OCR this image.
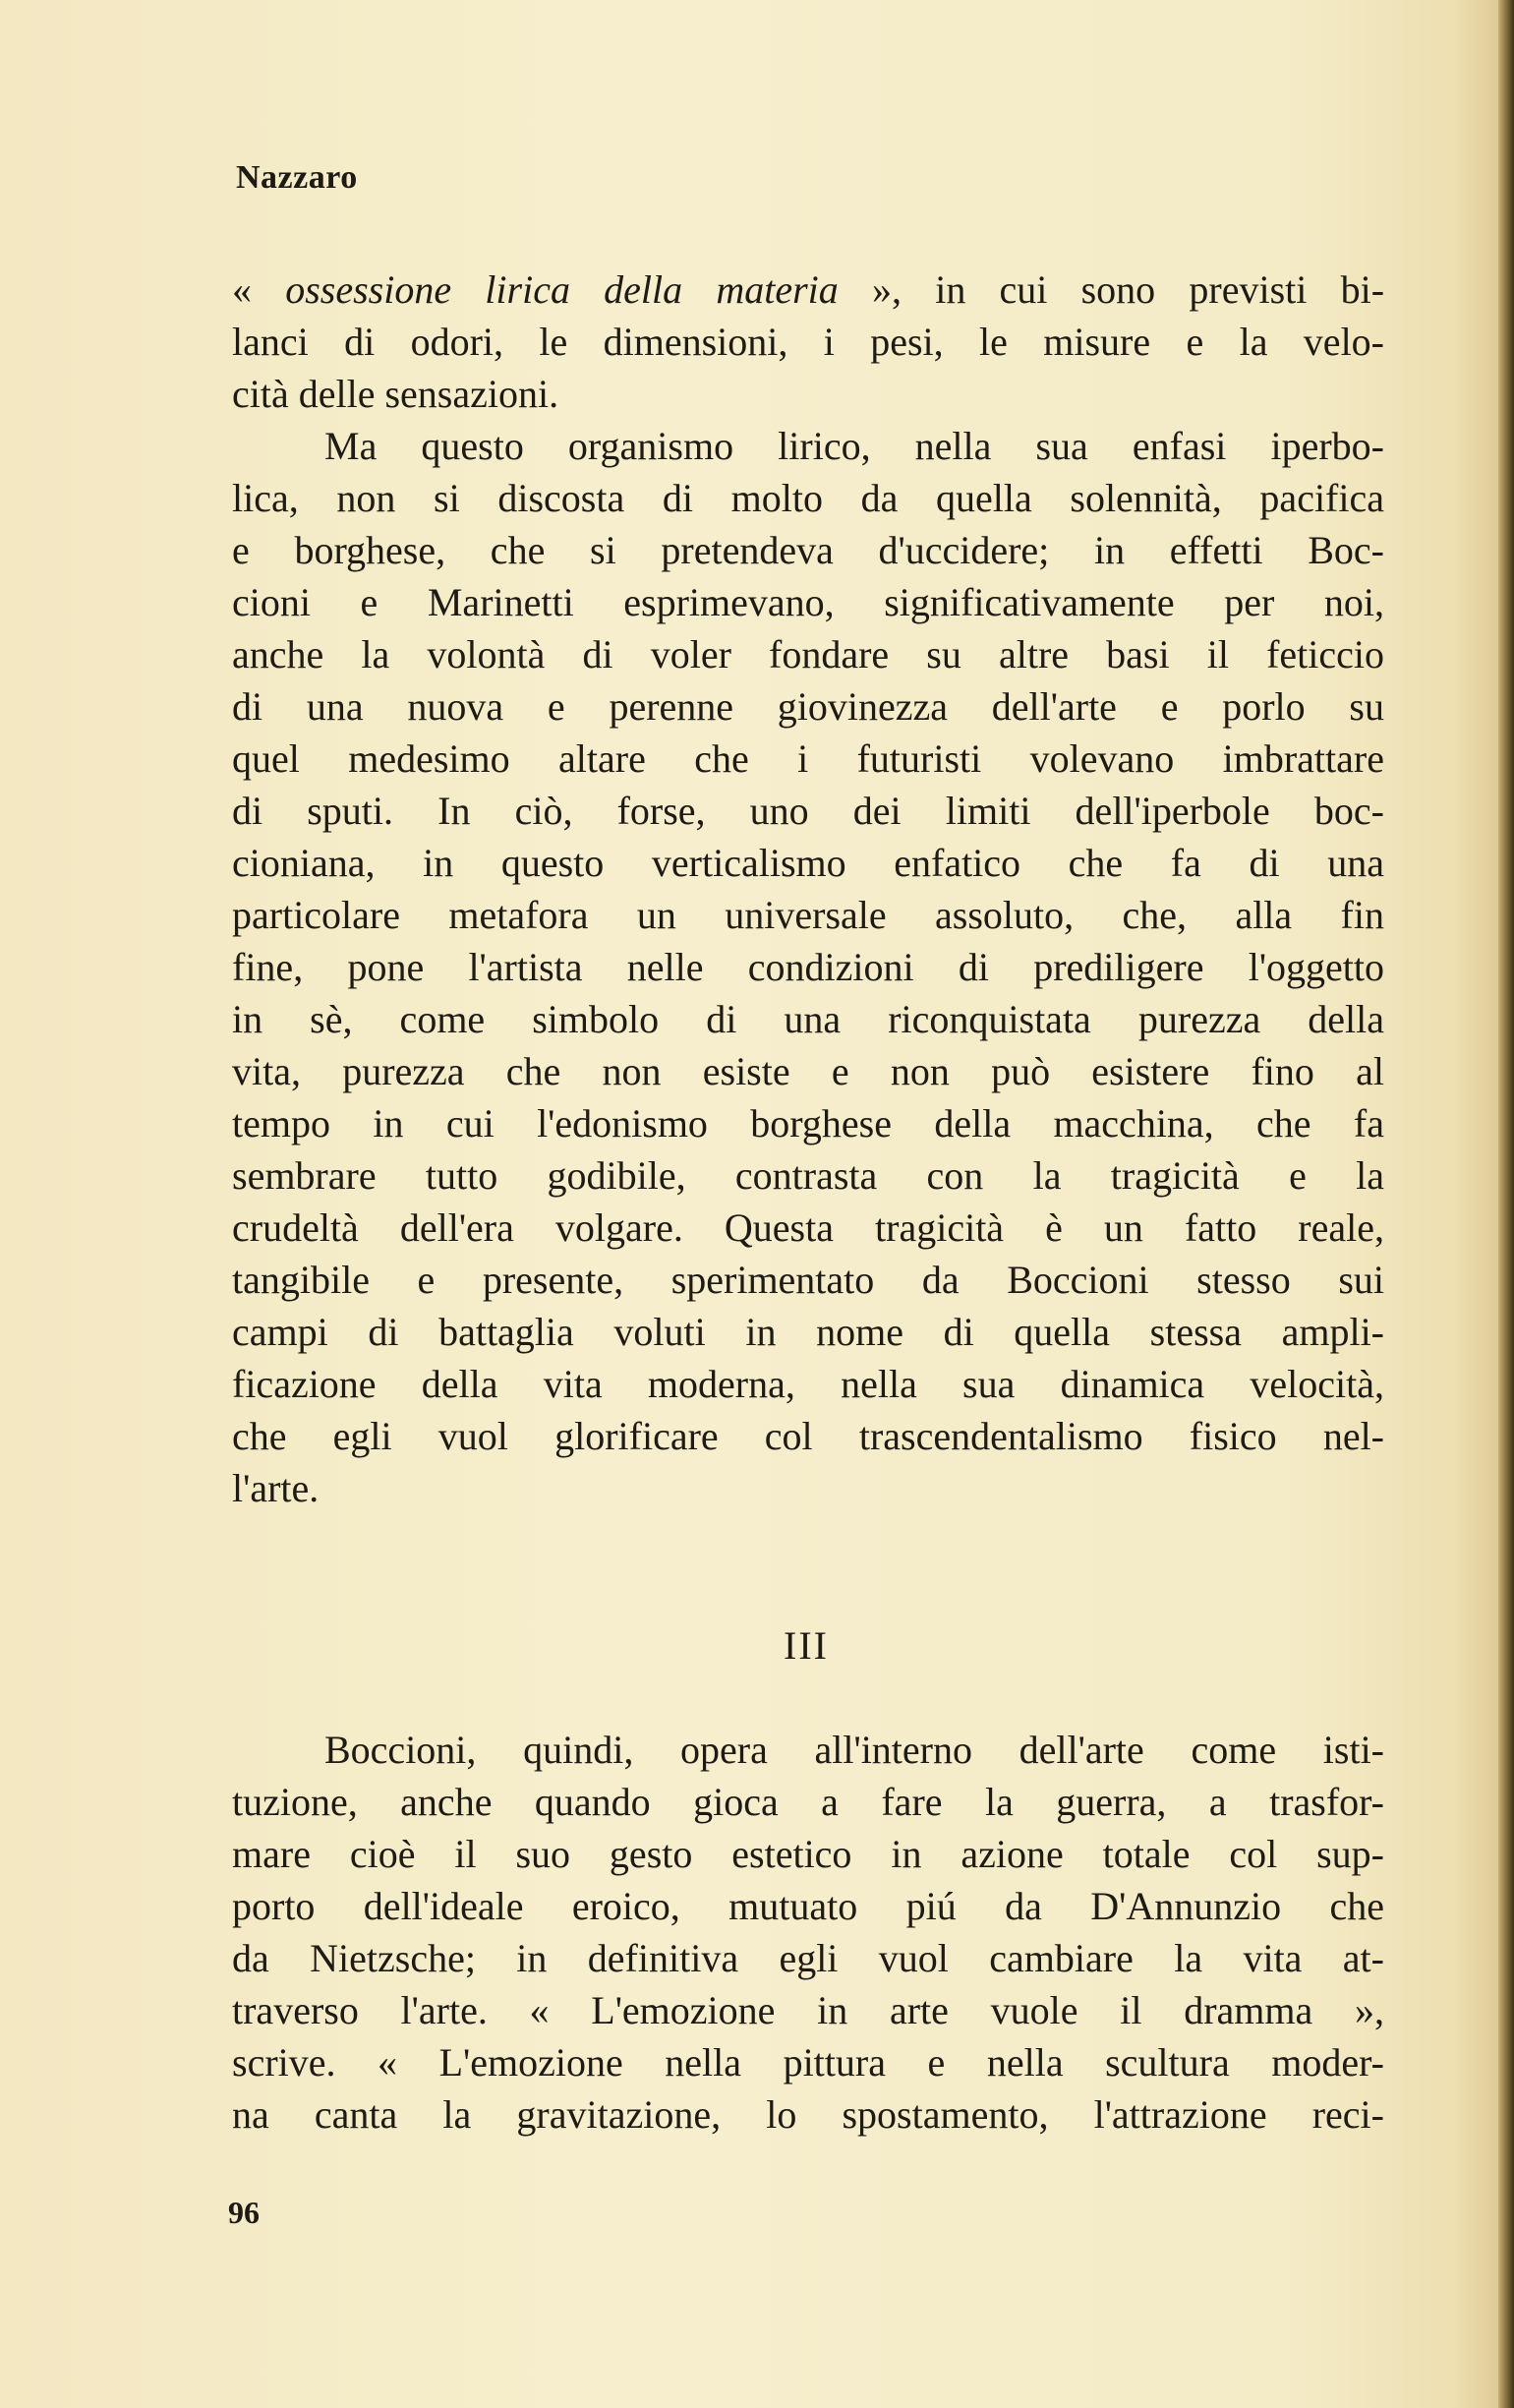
Nazzaro

« ossessione lirica della materia », in cui sono previsti bi-

lanci di odori, le dimensioni, i pesi, le misure e la velo-

cità delle sensazioni.

Ma questo organismo lirico, nella sua enfasi iperbo-

lica, non si discosta di molto da quella solennità, pacifica

e borghese, che si pretendeva d'uccidere; in effetti Boc-

cioni e Marinetti esprimevano, significativamente per noi,

anche la volontà di voler fondare su altre basi il feticcio

di una nuova e perenne giovinezza dell'arte e porlo su

quel medesimo altare che i futuristi volevano imbrattare

di sputi. In ciò, forse, uno dei limiti dell'iperbole boc-

cioniana, in questo verticalismo enfatico che fa di una

particolare metafora un universale assoluto, che, alla fin

fine, pone l'artista nelle condizioni di prediligere l'oggetto

in sè, come simbolo di una riconquistata purezza della

vita, purezza che non esiste e non può esistere fino al

tempo in cui l'edonismo borghese della macchina, che fa

sembrare tutto godibile, contrasta con la tragicità e la

crudeltà dell'era volgare. Questa tragicità è un fatto reale,

tangibile e presente, sperimentato da Boccioni stesso sui

campi di battaglia voluti in nome di quella stessa ampli-

ficazione della vita moderna, nella sua dinamica velocità,

che egli vuol glorificare col trascendentalismo fisico nel-

l'arte.

III

Boccioni, quindi, opera all'interno dell'arte come isti-

tuzione, anche quando gioca a fare la guerra, a trasfor-

mare cioè il suo gesto estetico in azione totale col sup-

porto dell'ideale eroico, mutuato piú da D'Annunzio che

da Nietzsche; in definitiva egli vuol cambiare la vita at-

traverso l'arte. « L'emozione in arte vuole il dramma »,

scrive. « L'emozione nella pittura e nella scultura moder-

na canta la gravitazione, lo spostamento, l'attrazione reci-

96
